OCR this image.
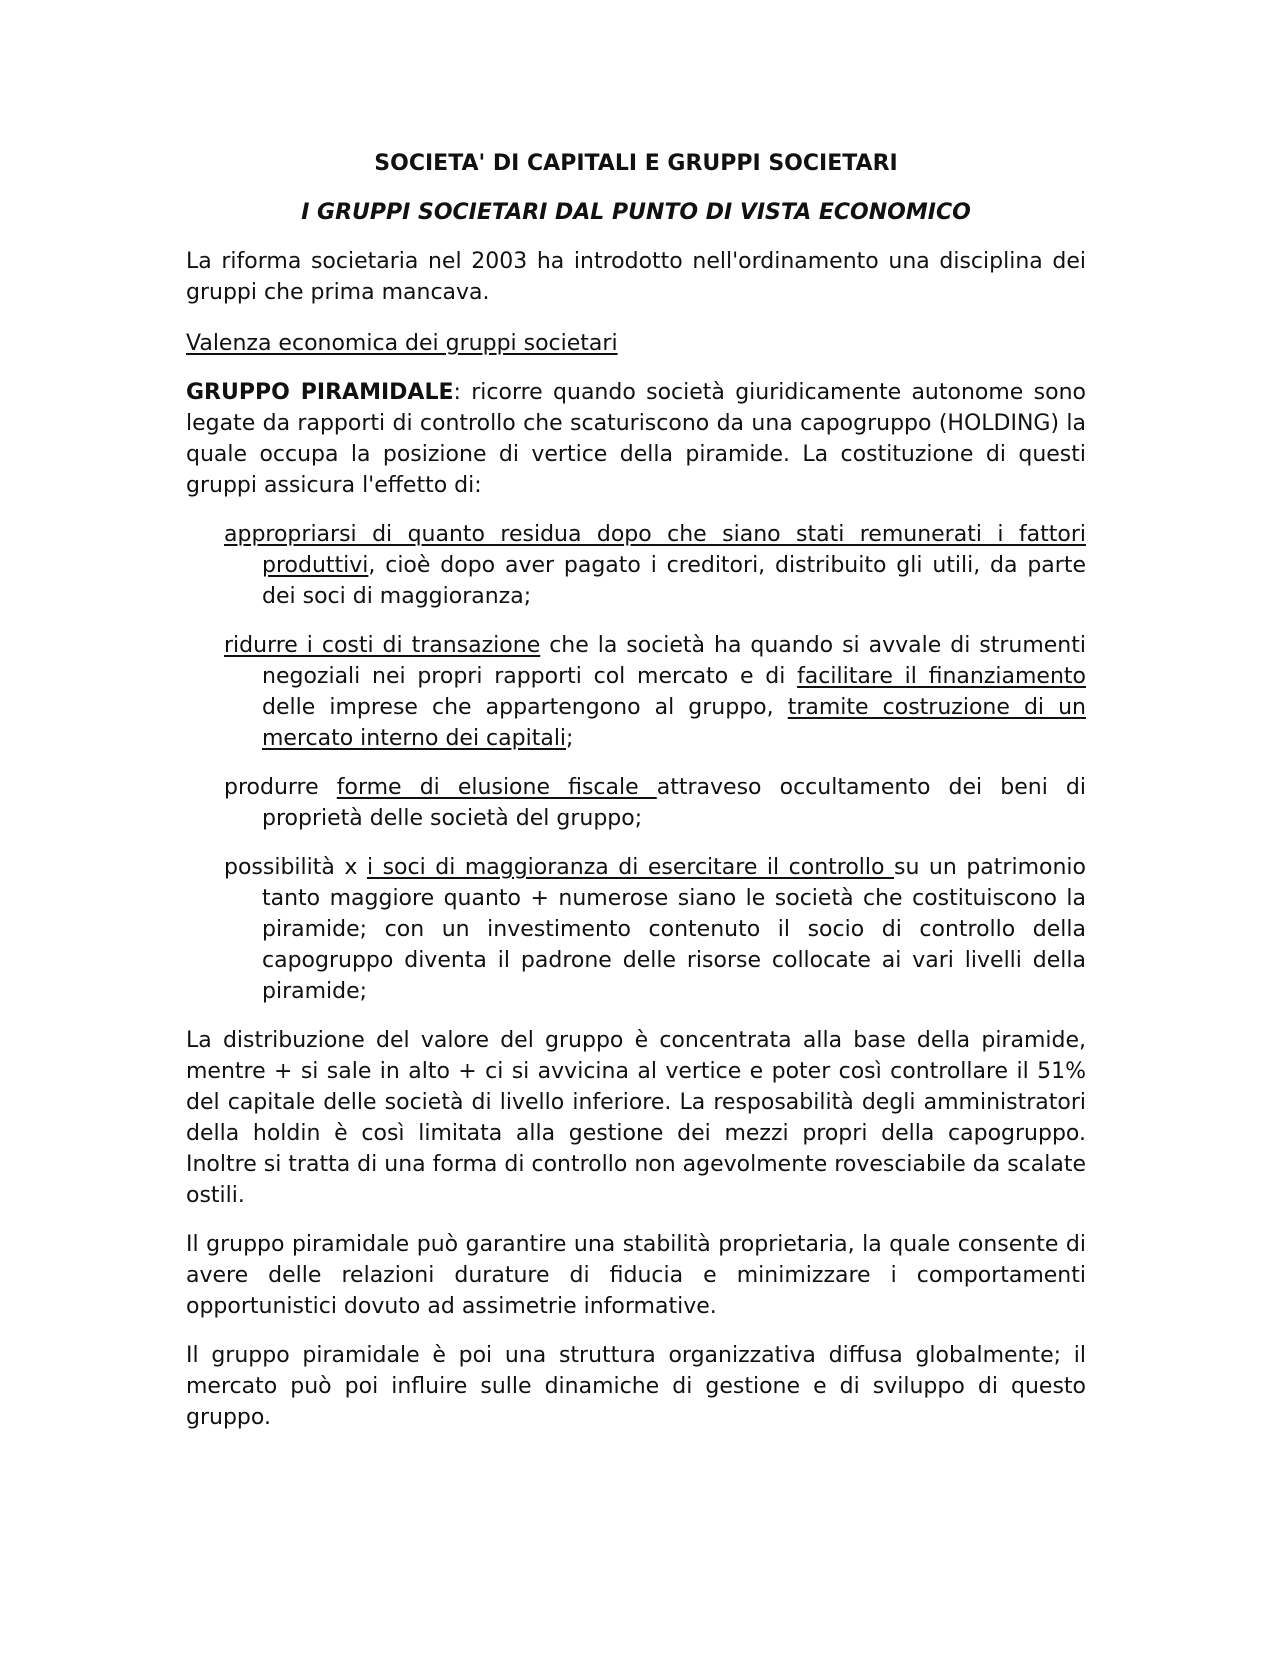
SOCIETA' DI CAPITALI E GRUPPI SOCIETARI
I GRUPPI SOCIETARI DAL PUNTO DI VISTA ECONOMICO

La riforma societaria nel 2003 ha introdotto nell'ordinamento una disciplina dei gruppi che prima mancava.

Valenza economica dei gruppi societari

GRUPPO PIRAMIDALE: ricorre quando società giuridicamente autonome sono legate da rapporti di controllo che scaturiscono da una capogruppo (HOLDING) la quale occupa la posizione di vertice della piramide. La costituzione di questi gruppi assicura l'effetto di:

appropriarsi di quanto residua dopo che siano stati remunerati i fattori produttivi, cioè dopo aver pagato i creditori, distribuito gli utili, da parte dei soci di maggioranza;
ridurre i costi di transazione che la società ha quando si avvale di strumenti negoziali nei propri rapporti col mercato e di facilitare il finanziamento delle imprese che appartengono al gruppo, tramite costruzione di un mercato interno dei capitali;
produrre forme di elusione fiscale attraveso occultamento dei beni di proprietà delle società del gruppo;
possibilità x i soci di maggioranza di esercitare il controllo su un patrimonio tanto maggiore quanto + numerose siano le società che costituiscono la piramide; con un investimento contenuto il socio di controllo della capogruppo diventa il padrone delle risorse collocate ai vari livelli della piramide;

La distribuzione del valore del gruppo è concentrata alla base della piramide, mentre + si sale in alto + ci si avvicina al vertice e poter così controllare il 51% del capitale delle società di livello inferiore. La resposabilità degli amministratori della holdin è così limitata alla gestione dei mezzi propri della capogruppo. Inoltre si tratta di una forma di controllo non agevolmente rovesciabile da scalate ostili.

Il gruppo piramidale può garantire una stabilità proprietaria, la quale consente di avere delle relazioni durature di fiducia e minimizzare i comportamenti opportunistici dovuto ad assimetrie informative.

Il gruppo piramidale è poi una struttura organizzativa diffusa globalmente; il mercato può poi influire sulle dinamiche di gestione e di sviluppo di questo gruppo.
